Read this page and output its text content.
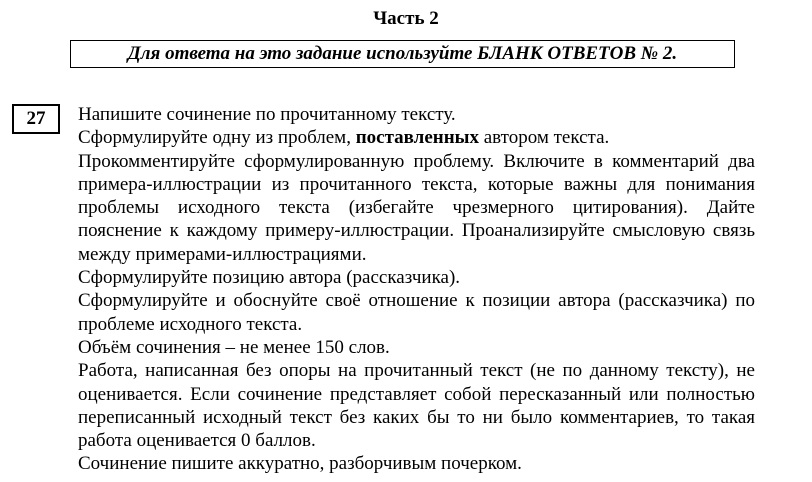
Часть 2
Для ответа на это задание используйте БЛАНК ОТВЕТОВ № 2.
27	Напишите сочинение по прочитанному тексту.

Сформулируйте одну из проблем, поставленных автором текста.

Прокомментируйте сформулированную проблему. Включите в комментарий два примера-иллюстрации из прочитанного текста, которые важны для понимания проблемы исходного текста (избегайте чрезмерного цитирования). Дайте пояснение к каждому примеру-иллюстрации. Проанализируйте смысловую связь между примерами-иллюстрациями.

Сформулируйте позицию автора (рассказчика).

Сформулируйте и обоснуйте своё отношение к позиции автора (рассказчика) по проблеме исходного текста.

Объём сочинения – не менее 150 слов.

Работа, написанная без опоры на прочитанный текст (не по данному тексту), не оценивается. Если сочинение представляет собой пересказанный или полностью переписанный исходный текст без каких бы то ни было комментариев, то такая работа оценивается 0 баллов.

Сочинение пишите аккуратно, разборчивым почерком.
